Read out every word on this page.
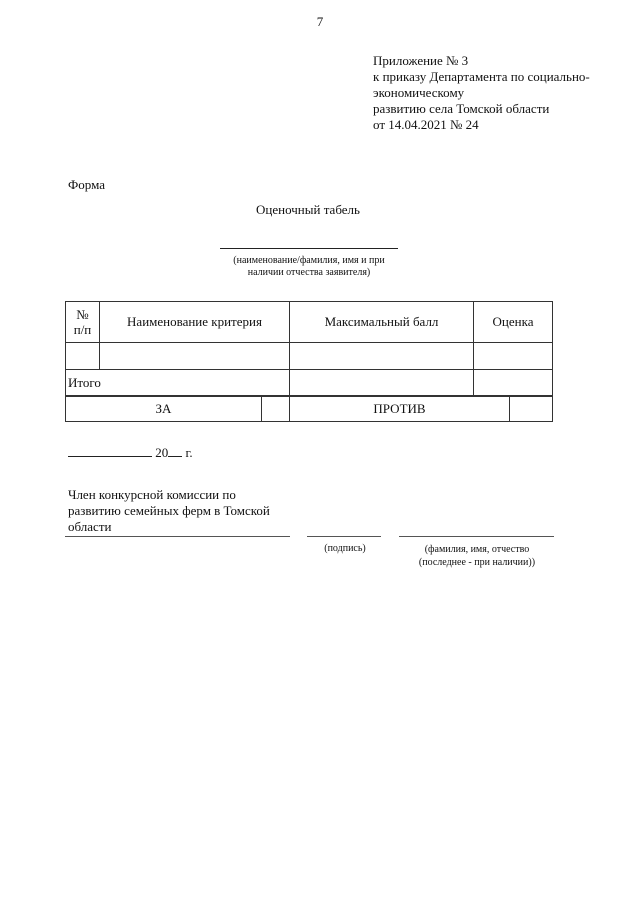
7
Приложение № 3
к приказу Департамента по социально-
экономическому
развитию села Томской области
от 14.04.2021 № 24
Форма
Оценочный табель
(наименование/фамилия, имя и при
наличии отчества заявителя)
№
п/п	Наименование критерия	Максимальный балл	Оценка

Итого			
ЗА		ПРОТИВ	
20 г.
Член конкурсной комиссии по
развитию семейных ферм в Томской
области
(подпись)	(фамилия, имя, отчество
(последнее - при наличии))
